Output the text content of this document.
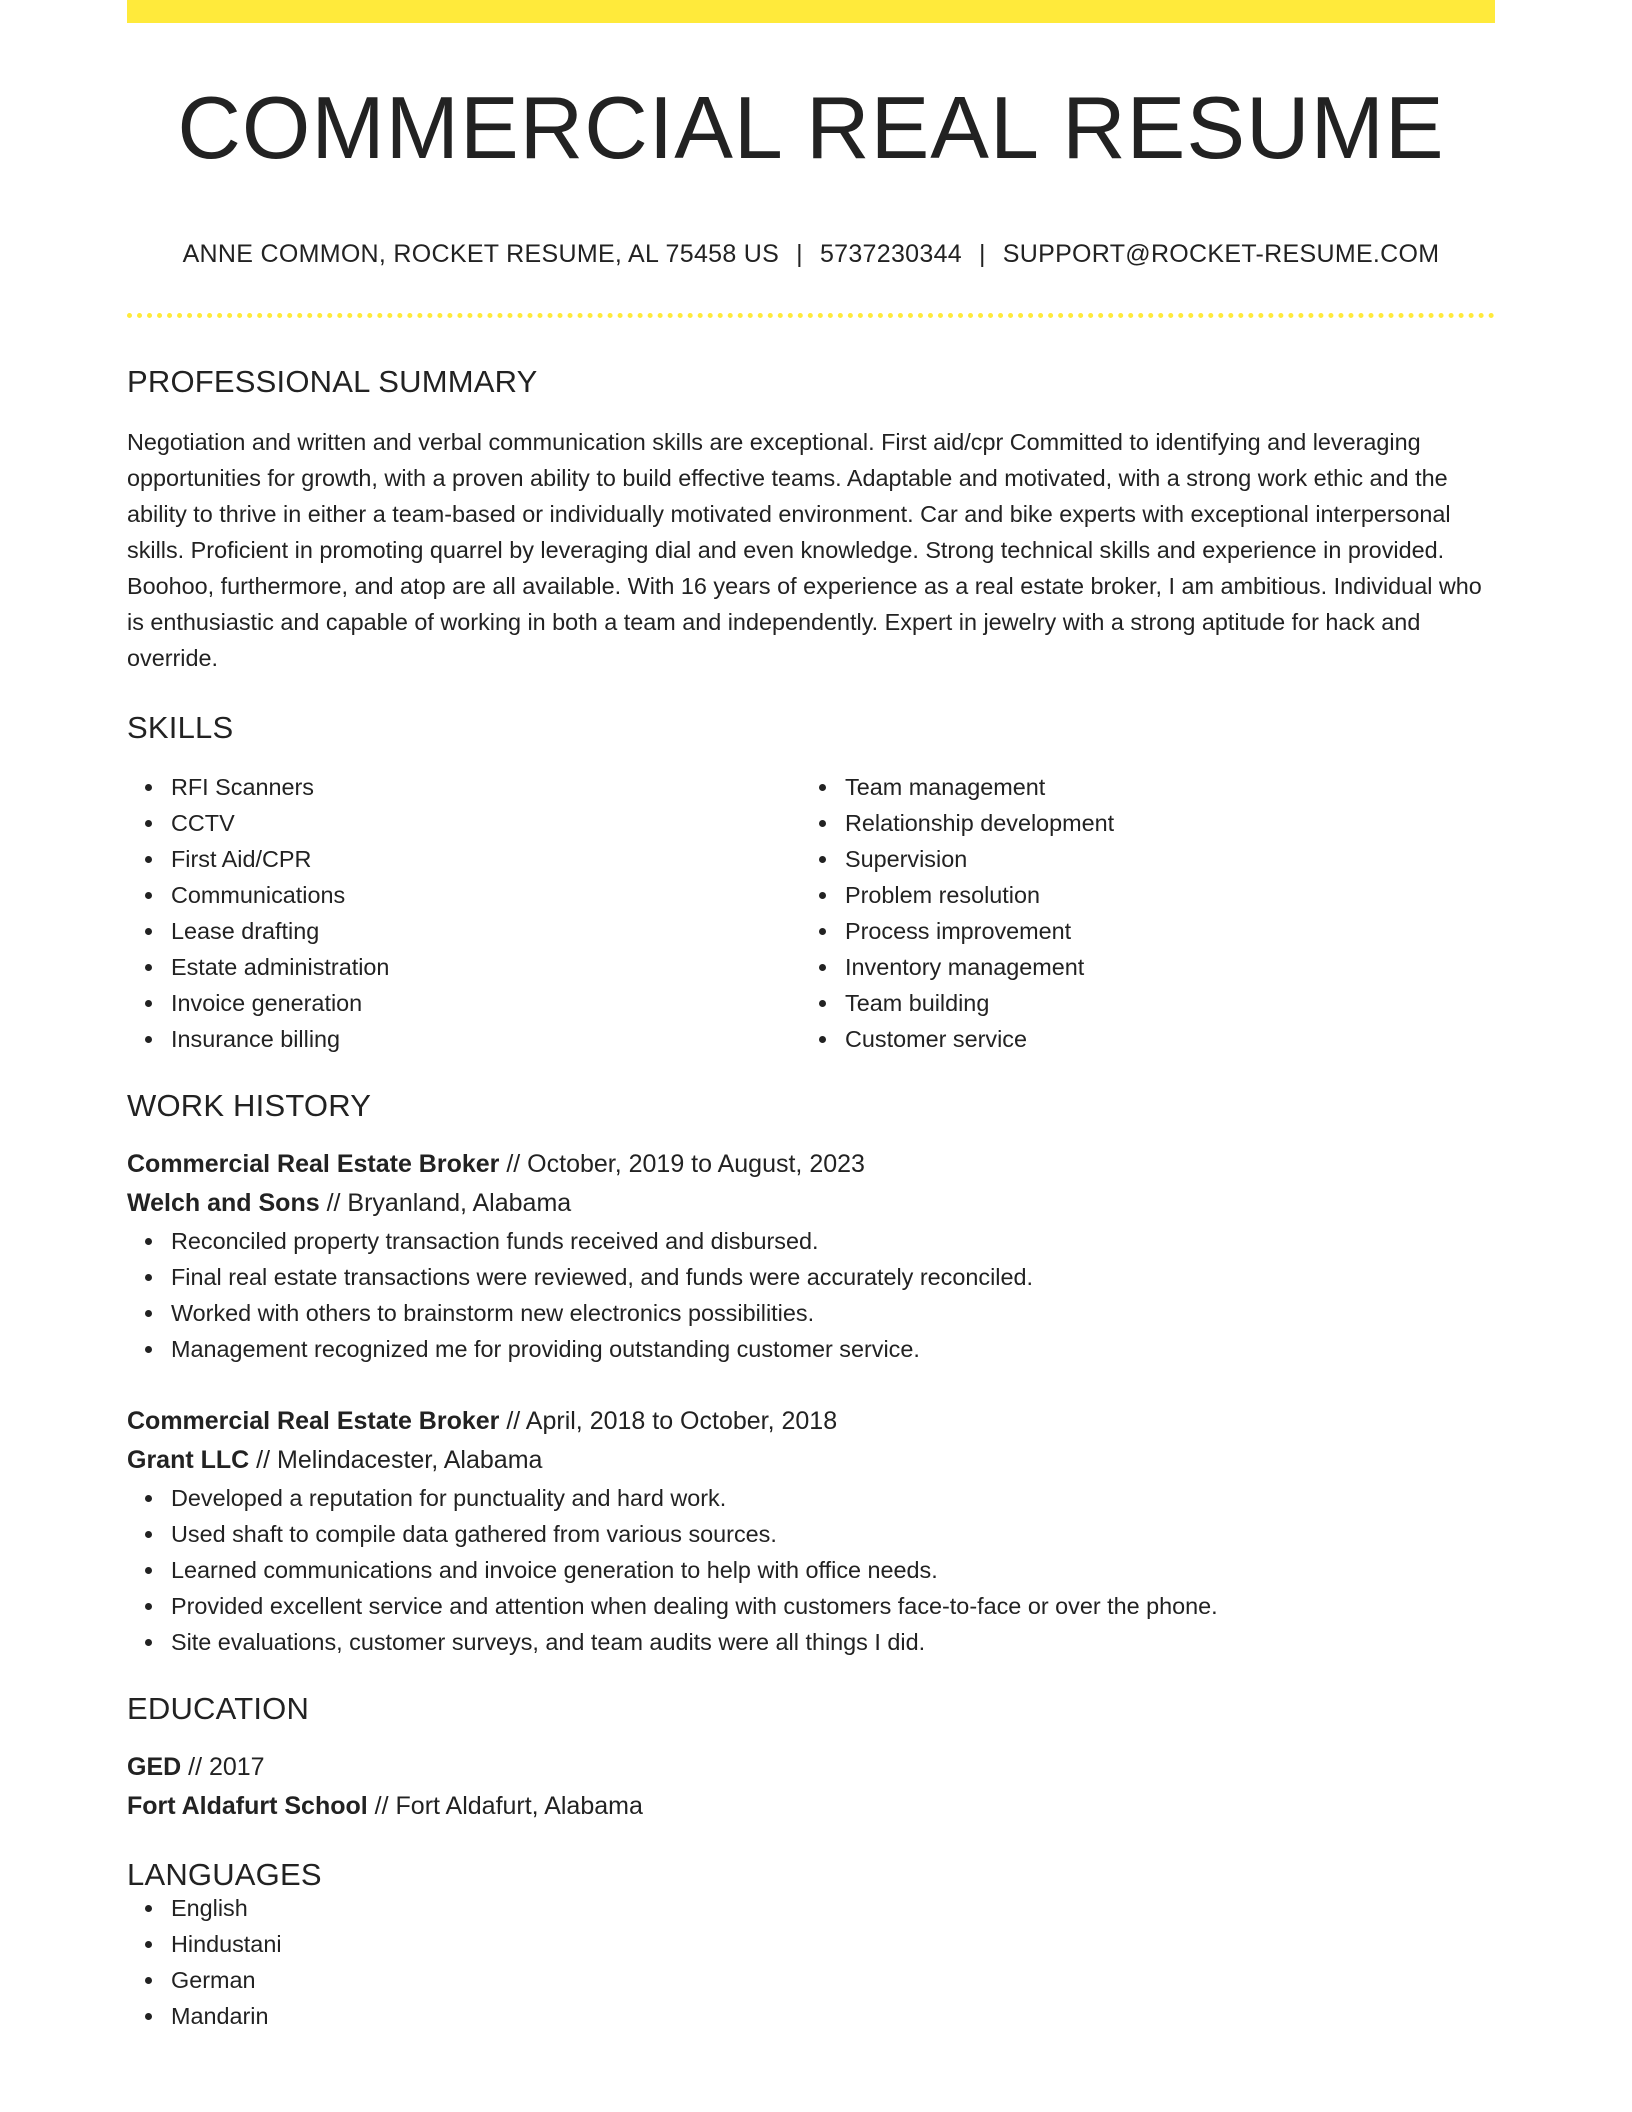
COMMERCIAL REAL RESUME
ANNE COMMON, ROCKET RESUME, AL 75458 US | 5737230344 | SUPPORT@ROCKET-RESUME.COM
PROFESSIONAL SUMMARY
Negotiation and written and verbal communication skills are exceptional. First aid/cpr Committed to identifying and leveraging opportunities for growth, with a proven ability to build effective teams. Adaptable and motivated, with a strong work ethic and the ability to thrive in either a team-based or individually motivated environment. Car and bike experts with exceptional interpersonal skills. Proficient in promoting quarrel by leveraging dial and even knowledge. Strong technical skills and experience in provided. Boohoo, furthermore, and atop are all available. With 16 years of experience as a real estate broker, I am ambitious. Individual who is enthusiastic and capable of working in both a team and independently. Expert in jewelry with a strong aptitude for hack and override.
SKILLS
RFI Scanners
CCTV
First Aid/CPR
Communications
Lease drafting
Estate administration
Invoice generation
Insurance billing
Team management
Relationship development
Supervision
Problem resolution
Process improvement
Inventory management
Team building
Customer service
WORK HISTORY
Commercial Real Estate Broker // October, 2019 to August, 2023
Welch and Sons // Bryanland, Alabama
Reconciled property transaction funds received and disbursed.
Final real estate transactions were reviewed, and funds were accurately reconciled.
Worked with others to brainstorm new electronics possibilities.
Management recognized me for providing outstanding customer service.
Commercial Real Estate Broker // April, 2018 to October, 2018
Grant LLC // Melindacester, Alabama
Developed a reputation for punctuality and hard work.
Used shaft to compile data gathered from various sources.
Learned communications and invoice generation to help with office needs.
Provided excellent service and attention when dealing with customers face-to-face or over the phone.
Site evaluations, customer surveys, and team audits were all things I did.
EDUCATION
GED // 2017
Fort Aldafurt School // Fort Aldafurt, Alabama
LANGUAGES
English
Hindustani
German
Mandarin
